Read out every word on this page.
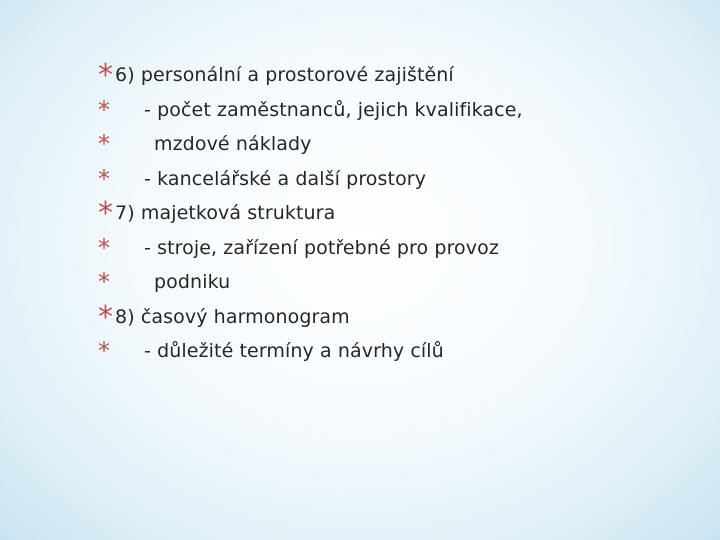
* 6) personální a prostorové zajištění
* - počet zaměstnanců, jejich kvalifikace,
* mzdové náklady
* - kancelářské a další prostory
* 7) majetková struktura
* - stroje, zařízení potřebné pro provoz
* podniku
* 8) časový harmonogram
* - důležité termíny a návrhy cílů
